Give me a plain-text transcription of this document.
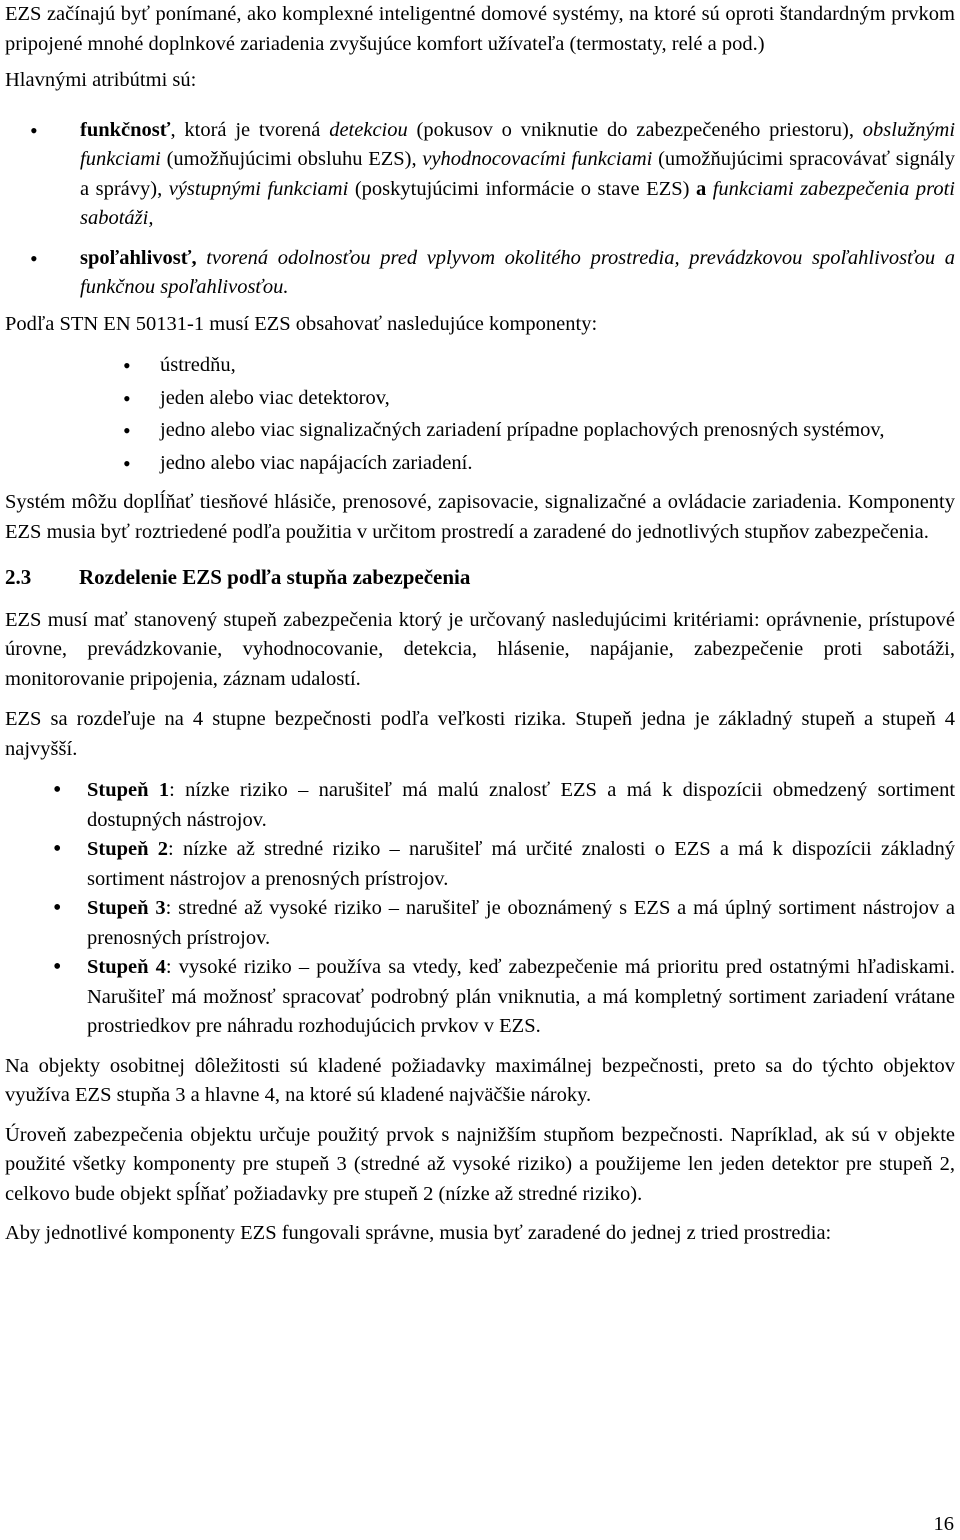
EZS začínajú byť ponímané, ako komplexné inteligentné domové systémy, na ktoré sú oproti štandardným prvkom pripojené mnohé doplnkové zariadenia zvyšujúce komfort užívateľa (termostaty, relé a pod.)

Hlavnými atribútmi sú:

• funkčnosť, ktorá je tvorená detekciou (pokusov o vniknutie do zabezpečeného priestoru), obslužnými funkciami (umožňujúcimi obsluhu EZS), vyhodnocovacími funkciami (umožňujúcimi spracovávať signály a správy), výstupnými funkciami (poskytujúcimi informácie o stave EZS) a funkciami zabezpečenia proti sabotáži,
• spoľahlivosť, tvorená odolnosťou pred vplyvom okolitého prostredia, prevádzkovou spoľahlivosťou a funkčnou spoľahlivosťou.

Podľa STN EN 50131-1 musí EZS obsahovať nasledujúce komponenty:

• ústredňu,
• jeden alebo viac detektorov,
• jedno alebo viac signalizačných zariadení prípadne poplachových prenosných systémov,
• jedno alebo viac napájacích zariadení.

Systém môžu doplĺňať tiesňové hlásiče, prenosové, zapisovacie, signalizačné a ovládacie zariadenia. Komponenty EZS musia byť roztriedené podľa použitia v určitom prostredí a zaradené do jednotlivých stupňov zabezpečenia.

2.3	Rozdelenie EZS podľa stupňa zabezpečenia

EZS musí mať stanovený stupeň zabezpečenia ktorý je určovaný nasledujúcimi kritériami: oprávnenie, prístupové úrovne, prevádzkovanie, vyhodnocovanie, detekcia, hlásenie, napájanie, zabezpečenie proti sabotáži, monitorovanie pripojenia, záznam udalostí.

EZS sa rozdeľuje na 4 stupne bezpečnosti podľa veľkosti rizika. Stupeň jedna je základný stupeň a stupeň 4 najvyšší.

• Stupeň 1: nízke riziko – narušiteľ má malú znalosť EZS a má k dispozícii obmedzený sortiment dostupných nástrojov.
• Stupeň 2: nízke až stredné riziko – narušiteľ má určité znalosti o EZS a má k dispozícii základný sortiment nástrojov a prenosných prístrojov.
• Stupeň 3: stredné až vysoké riziko – narušiteľ je oboznámený s EZS a má úplný sortiment nástrojov a prenosných prístrojov.
• Stupeň 4: vysoké riziko – používa sa vtedy, keď zabezpečenie má prioritu pred ostatnými hľadiskami. Narušiteľ má možnosť spracovať podrobný plán vniknutia, a má kompletný sortiment zariadení vrátane prostriedkov pre náhradu rozhodujúcich prvkov v EZS.

Na objekty osobitnej dôležitosti sú kladené požiadavky maximálnej bezpečnosti, preto sa do týchto objektov využíva EZS stupňa 3 a hlavne 4, na ktoré sú kladené najväčšie nároky.

Úroveň zabezpečenia objektu určuje použitý prvok s najnižším stupňom bezpečnosti. Napríklad, ak sú v objekte použité všetky komponenty pre stupeň 3 (stredné až vysoké riziko) a použijeme len jeden detektor pre stupeň 2, celkovo bude objekt spĺňať požiadavky pre stupeň 2 (nízke až stredné riziko).

Aby jednotlivé komponenty EZS fungovali správne, musia byť zaradené do jednej z tried prostredia:

16
